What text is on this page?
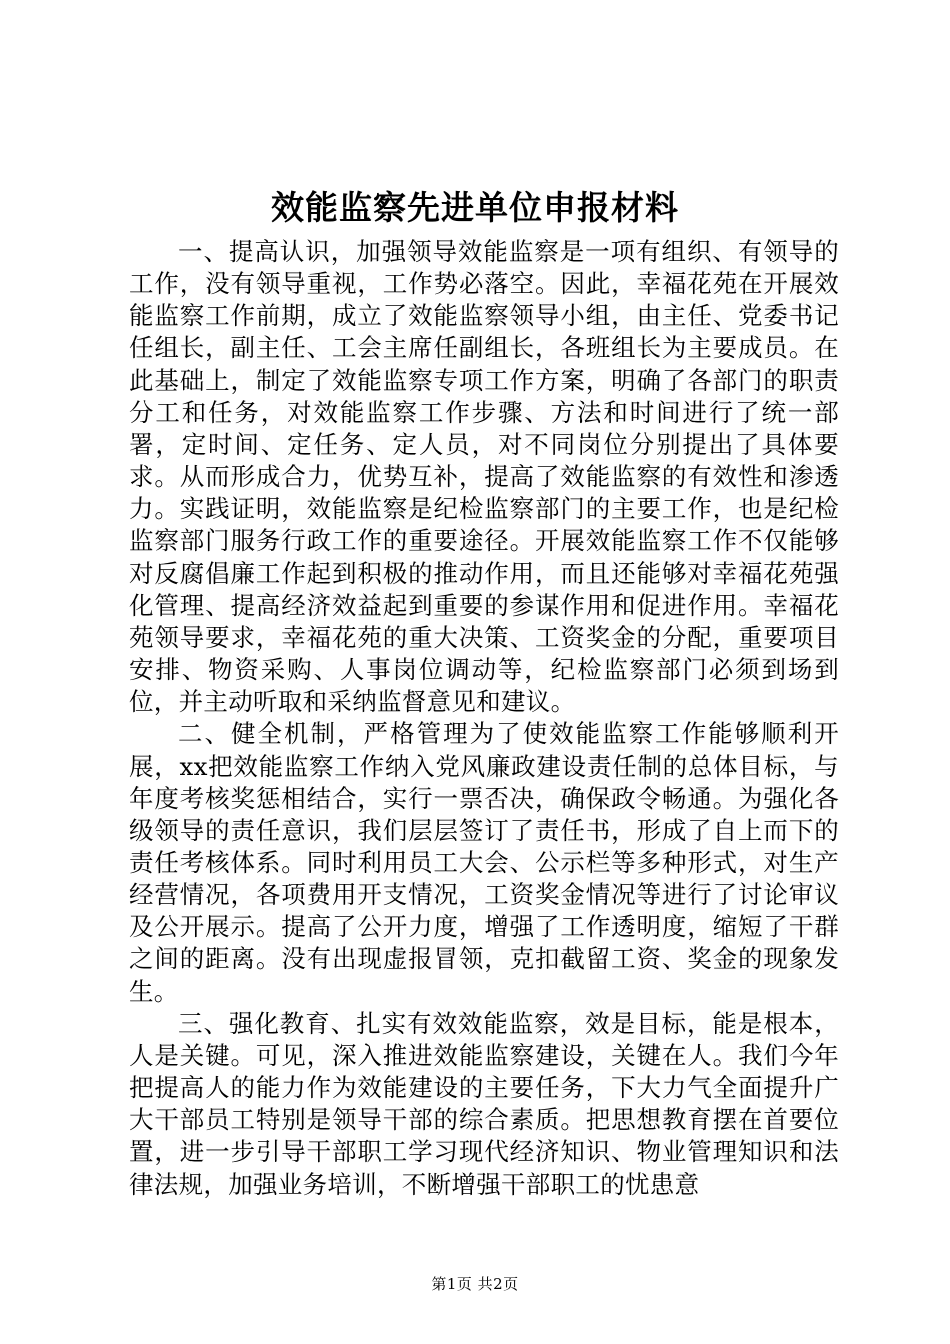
效能监察先进单位申报材料

一、提高认识，加强领导效能监察是一项有组织、有领导的工作，没有领导重视，工作势必落空。因此，幸福花苑在开展效能监察工作前期，成立了效能监察领导小组，由主任、党委书记任组长，副主任、工会主席任副组长，各班组长为主要成员。在此基础上，制定了效能监察专项工作方案，明确了各部门的职责分工和任务，对效能监察工作步骤、方法和时间进行了统一部署，定时间、定任务、定人员，对不同岗位分别提出了具体要求。从而形成合力，优势互补，提高了效能监察的有效性和渗透力。实践证明，效能监察是纪检监察部门的主要工作，也是纪检监察部门服务行政工作的重要途径。开展效能监察工作不仅能够对反腐倡廉工作起到积极的推动作用，而且还能够对幸福花苑强化管理、提高经济效益起到重要的参谋作用和促进作用。幸福花苑领导要求，幸福花苑的重大决策、工资奖金的分配，重要项目安排、物资采购、人事岗位调动等，纪检监察部门必须到场到位，并主动听取和采纳监督意见和建议。

二、健全机制，严格管理为了使效能监察工作能够顺利开展，xx把效能监察工作纳入党风廉政建设责任制的总体目标，与年度考核奖惩相结合，实行一票否决，确保政令畅通。为强化各级领导的责任意识，我们层层签订了责任书，形成了自上而下的责任考核体系。同时利用员工大会、公示栏等多种形式，对生产经营情况，各项费用开支情况，工资奖金情况等进行了讨论审议及公开展示。提高了公开力度，增强了工作透明度，缩短了干群之间的距离。没有出现虚报冒领，克扣截留工资、奖金的现象发生。

三、强化教育、扎实有效效能监察，效是目标，能是根本，人是关键。可见，深入推进效能监察建设，关键在人。我们今年把提高人的能力作为效能建设的主要任务，下大力气全面提升广大干部员工特别是领导干部的综合素质。把思想教育摆在首要位置，进一步引导干部职工学习现代经济知识、物业管理知识和法律法规，加强业务培训，不断增强干部职工的忧患意

第1页 共2页
